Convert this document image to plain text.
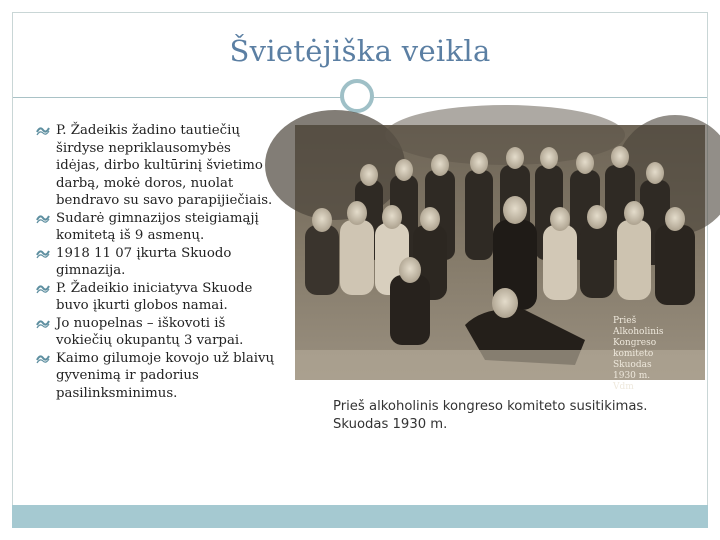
Švietėjiška veikla
P. Žadeikis žadino tautiečių širdyse nepriklausomybės idėjas, dirbo kultūrinį švietimo darbą, mokė doros, nuolat bendravo su savo parapijiečiais.
Sudarė gimnazijos steigiamąjį komitetą iš 9 asmenų.
1918 11 07 įkurta Skuodo gimnazija.
P. Žadeikio iniciatyva Skuode buvo įkurti globos namai.
Jo nuopelnas – iškovoti iš vokiečių okupantų 3 varpai.
Kaimo gilumoje kovojo už blaivų gyvenimą ir padorius pasilinksminimus.
Prieš Alkoholinis Kongreso komiteto Skuodas 1930 m. Vdm
Prieš alkoholinis kongreso komiteto susitikimas. Skuodas 1930 m.
